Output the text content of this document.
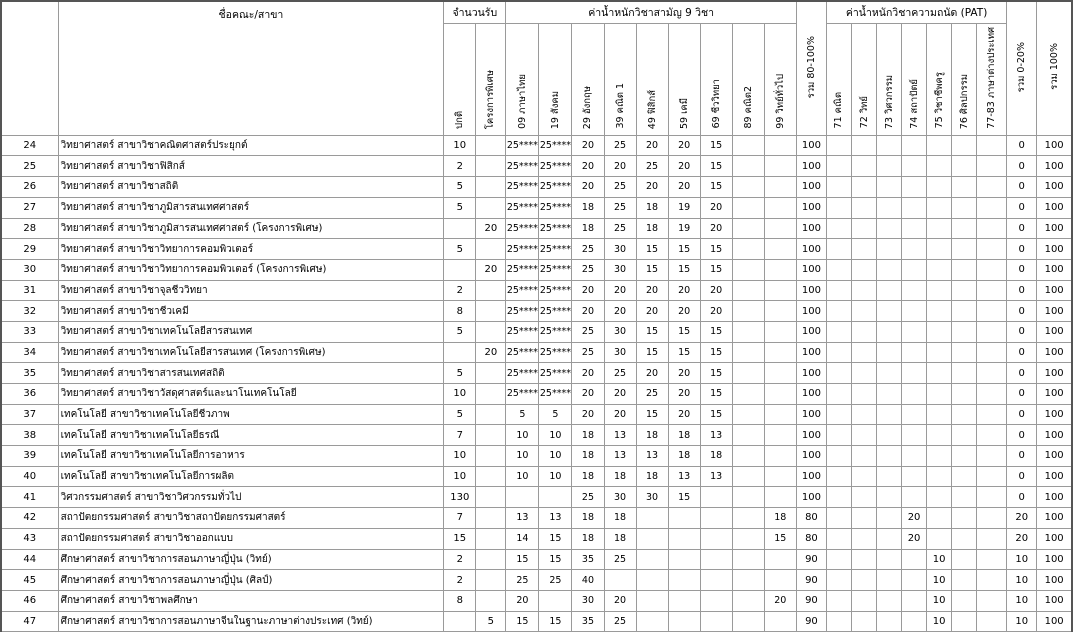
	ชื่อคณะ/สาขา	จำนวนรับ		ค่าน้ำหนักวิชาสามัญ 9 วิชา									รวม 80-100%	ค่าน้ำหนักวิชาความถนัด (PAT)							รวม 0-20%	รวม 100%
		ปกติ	โครงการพิเศษ	09 ภาษาไทย	19 สังคม	29 อังกฤษ	39 คณิต 1	49 ฟิสิกส์	59 เคมี	69 ชีววิทยา	89 คณิต2	99 วิทย์ทั่วไป		71 คณิต	72 วิทย์	73 วิศวกรรม	74 สถาปัตย์	75 วิชาชีพครู	76 ศิลปกรรม	77-83 ภาษาต่างประเทศ		
24	วิทยาศาสตร์ สาขาวิชาคณิตศาสตร์ประยุกต์	10		25****	25****	20	25	20	20	15			100								0	100
25	วิทยาศาสตร์ สาขาวิชาฟิสิกส์	2		25****	25****	20	20	25	20	15			100								0	100
26	วิทยาศาสตร์ สาขาวิชาสถิติ	5		25****	25****	20	25	20	20	15			100								0	100
27	วิทยาศาสตร์ สาขาวิชาภูมิสารสนเทศศาสตร์	5		25****	25****	18	25	18	19	20			100								0	100
28	วิทยาศาสตร์ สาขาวิชาภูมิสารสนเทศศาสตร์ (โครงการพิเศษ)		20	25****	25****	18	25	18	19	20			100								0	100
29	วิทยาศาสตร์ สาขาวิชาวิทยาการคอมพิวเตอร์	5		25****	25****	25	30	15	15	15			100								0	100
30	วิทยาศาสตร์ สาขาวิชาวิทยาการคอมพิวเตอร์ (โครงการพิเศษ)		20	25****	25****	25	30	15	15	15			100								0	100
31	วิทยาศาสตร์ สาขาวิชาจุลชีววิทยา	2		25****	25****	20	20	20	20	20			100								0	100
32	วิทยาศาสตร์ สาขาวิชาชีวเคมี	8		25****	25****	20	20	20	20	20			100								0	100
33	วิทยาศาสตร์ สาขาวิชาเทคโนโลยีสารสนเทศ	5		25****	25****	25	30	15	15	15			100								0	100
34	วิทยาศาสตร์ สาขาวิชาเทคโนโลยีสารสนเทศ (โครงการพิเศษ)		20	25****	25****	25	30	15	15	15			100								0	100
35	วิทยาศาสตร์ สาขาวิชาสารสนเทศสถิติ	5		25****	25****	20	25	20	20	15			100								0	100
36	วิทยาศาสตร์ สาขาวิชาวัสดุศาสตร์และนาโนเทคโนโลยี	10		25****	25****	20	20	25	20	15			100								0	100
37	เทคโนโลยี สาขาวิชาเทคโนโลยีชีวภาพ	5		5	5	20	20	15	20	15			100								0	100
38	เทคโนโลยี สาขาวิชาเทคโนโลยีธรณี	7		10	10	18	13	18	18	13			100								0	100
39	เทคโนโลยี สาขาวิชาเทคโนโลยีการอาหาร	10		10	10	18	13	13	18	18			100								0	100
40	เทคโนโลยี สาขาวิชาเทคโนโลยีการผลิต	10		10	10	18	18	18	13	13			100								0	100
41	วิศวกรรมศาสตร์ สาขาวิชาวิศวกรรมทั่วไป	130				25	30	30	15				100								0	100
42	สถาปัตยกรรมศาสตร์ สาขาวิชาสถาปัตยกรรมศาสตร์	7		13	13	18	18					18	80				20				20	100
43	สถาปัตยกรรมศาสตร์ สาขาวิชาออกแบบ	15		14	15	18	18					15	80				20				20	100
44	ศึกษาศาสตร์ สาขาวิชาการสอนภาษาญี่ปุ่น (วิทย์)	2		15	15	35	25						90					10			10	100
45	ศึกษาศาสตร์ สาขาวิชาการสอนภาษาญี่ปุ่น (ศิลป์)	2		25	25	40							90					10			10	100
46	ศึกษาศาสตร์ สาขาวิชาพลศึกษา	8		20		30	20					20	90					10			10	100
47	ศึกษาศาสตร์ สาขาวิชาการสอนภาษาจีนในฐานะภาษาต่างประเทศ (วิทย์)		5	15	15	35	25						90					10			10	100
